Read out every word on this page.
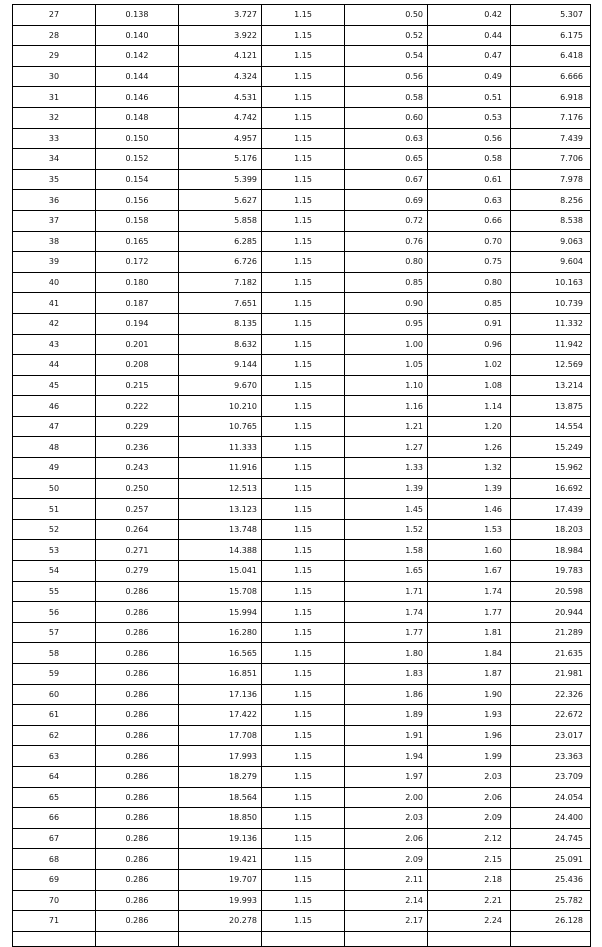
27	0.138	3.727	1.15	0.50	0.42	5.307
28	0.140	3.922	1.15	0.52	0.44	6.175
29	0.142	4.121	1.15	0.54	0.47	6.418
30	0.144	4.324	1.15	0.56	0.49	6.666
31	0.146	4.531	1.15	0.58	0.51	6.918
32	0.148	4.742	1.15	0.60	0.53	7.176
33	0.150	4.957	1.15	0.63	0.56	7.439
34	0.152	5.176	1.15	0.65	0.58	7.706
35	0.154	5.399	1.15	0.67	0.61	7.978
36	0.156	5.627	1.15	0.69	0.63	8.256
37	0.158	5.858	1.15	0.72	0.66	8.538
38	0.165	6.285	1.15	0.76	0.70	9.063
39	0.172	6.726	1.15	0.80	0.75	9.604
40	0.180	7.182	1.15	0.85	0.80	10.163
41	0.187	7.651	1.15	0.90	0.85	10.739
42	0.194	8.135	1.15	0.95	0.91	11.332
43	0.201	8.632	1.15	1.00	0.96	11.942
44	0.208	9.144	1.15	1.05	1.02	12.569
45	0.215	9.670	1.15	1.10	1.08	13.214
46	0.222	10.210	1.15	1.16	1.14	13.875
47	0.229	10.765	1.15	1.21	1.20	14.554
48	0.236	11.333	1.15	1.27	1.26	15.249
49	0.243	11.916	1.15	1.33	1.32	15.962
50	0.250	12.513	1.15	1.39	1.39	16.692
51	0.257	13.123	1.15	1.45	1.46	17.439
52	0.264	13.748	1.15	1.52	1.53	18.203
53	0.271	14.388	1.15	1.58	1.60	18.984
54	0.279	15.041	1.15	1.65	1.67	19.783
55	0.286	15.708	1.15	1.71	1.74	20.598
56	0.286	15.994	1.15	1.74	1.77	20.944
57	0.286	16.280	1.15	1.77	1.81	21.289
58	0.286	16.565	1.15	1.80	1.84	21.635
59	0.286	16.851	1.15	1.83	1.87	21.981
60	0.286	17.136	1.15	1.86	1.90	22.326
61	0.286	17.422	1.15	1.89	1.93	22.672
62	0.286	17.708	1.15	1.91	1.96	23.017
63	0.286	17.993	1.15	1.94	1.99	23.363
64	0.286	18.279	1.15	1.97	2.03	23.709
65	0.286	18.564	1.15	2.00	2.06	24.054
66	0.286	18.850	1.15	2.03	2.09	24.400
67	0.286	19.136	1.15	2.06	2.12	24.745
68	0.286	19.421	1.15	2.09	2.15	25.091
69	0.286	19.707	1.15	2.11	2.18	25.436
70	0.286	19.993	1.15	2.14	2.21	25.782
71	0.286	20.278	1.15	2.17	2.24	26.128
